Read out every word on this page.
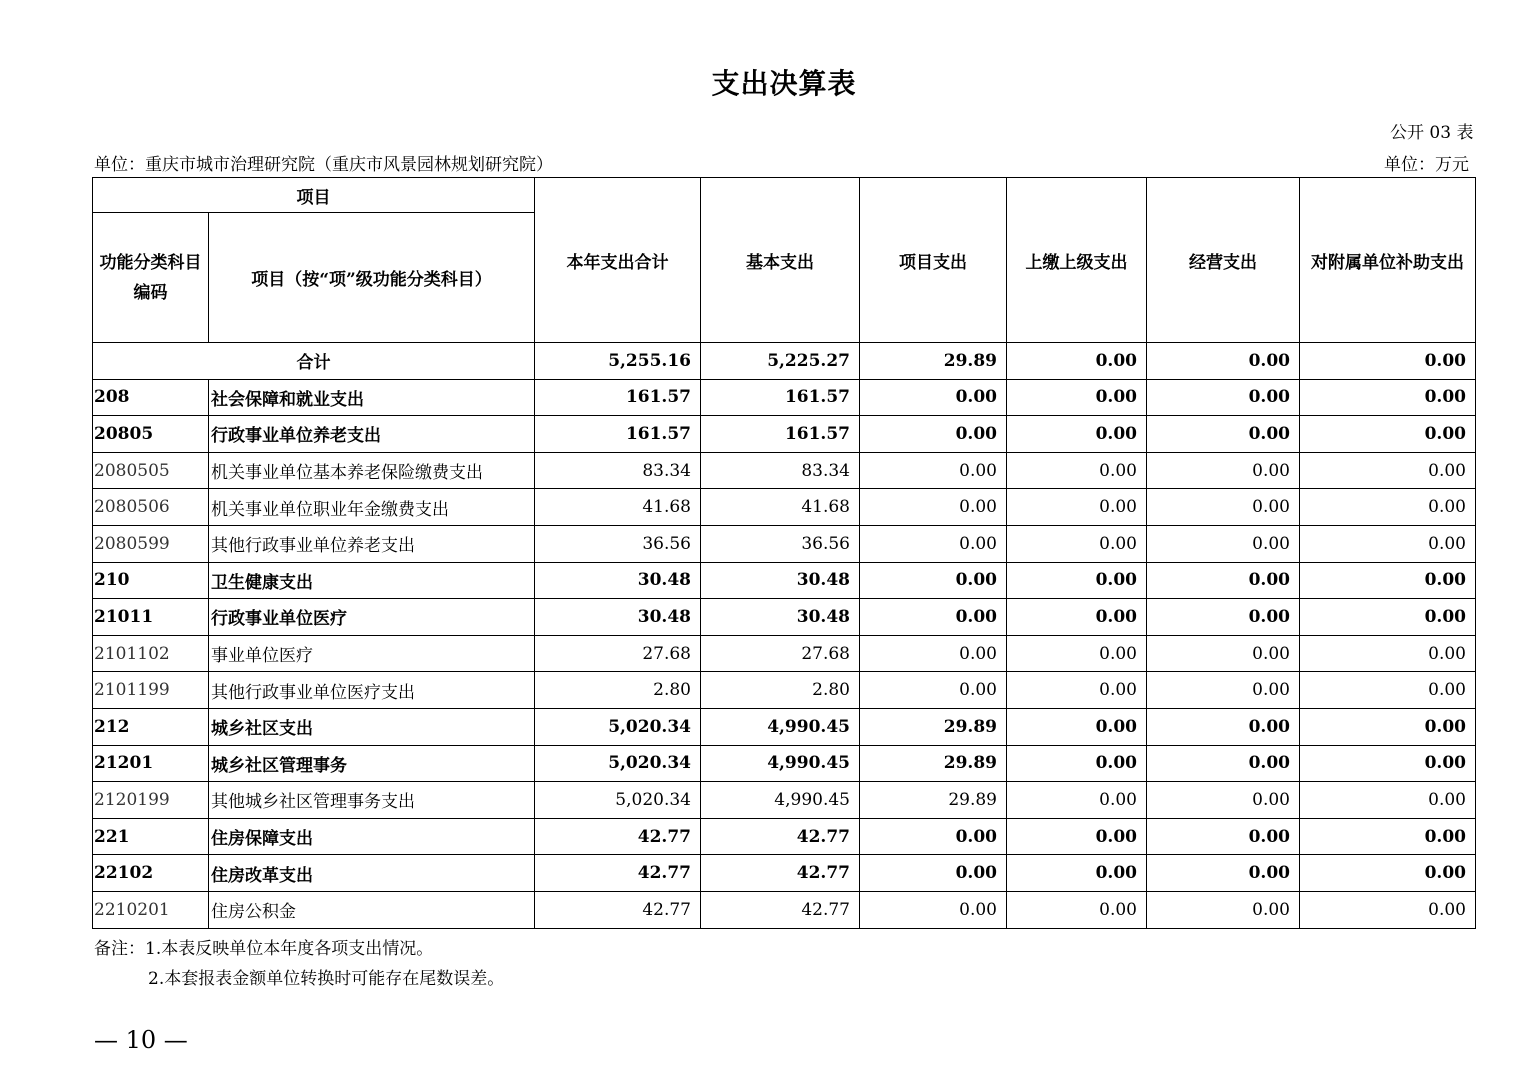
支出决算表
公开 03 表
单位：重庆市城市治理研究院（重庆市风景园林规划研究院）	单位：万元
项目		本年支出合计	基本支出	项目支出	上缴上级支出	经营支出	对附属单位补助支出
功能分类科目编码	项目（按“项”级功能分类科目）						
合计		5,255.16	5,225.27	29.89	0.00	0.00	0.00
208	社会保障和就业支出	161.57	161.57	0.00	0.00	0.00	0.00
20805	行政事业单位养老支出	161.57	161.57	0.00	0.00	0.00	0.00
2080505	机关事业单位基本养老保险缴费支出	83.34	83.34	0.00	0.00	0.00	0.00
2080506	机关事业单位职业年金缴费支出	41.68	41.68	0.00	0.00	0.00	0.00
2080599	其他行政事业单位养老支出	36.56	36.56	0.00	0.00	0.00	0.00
210	卫生健康支出	30.48	30.48	0.00	0.00	0.00	0.00
21011	行政事业单位医疗	30.48	30.48	0.00	0.00	0.00	0.00
2101102	事业单位医疗	27.68	27.68	0.00	0.00	0.00	0.00
2101199	其他行政事业单位医疗支出	2.80	2.80	0.00	0.00	0.00	0.00
212	城乡社区支出	5,020.34	4,990.45	29.89	0.00	0.00	0.00
21201	城乡社区管理事务	5,020.34	4,990.45	29.89	0.00	0.00	0.00
2120199	其他城乡社区管理事务支出	5,020.34	4,990.45	29.89	0.00	0.00	0.00
221	住房保障支出	42.77	42.77	0.00	0.00	0.00	0.00
22102	住房改革支出	42.77	42.77	0.00	0.00	0.00	0.00
2210201	住房公积金	42.77	42.77	0.00	0.00	0.00	0.00
备注：1.本表反映单位本年度各项支出情况。
2.本套报表金额单位转换时可能存在尾数误差。
— 10 —
